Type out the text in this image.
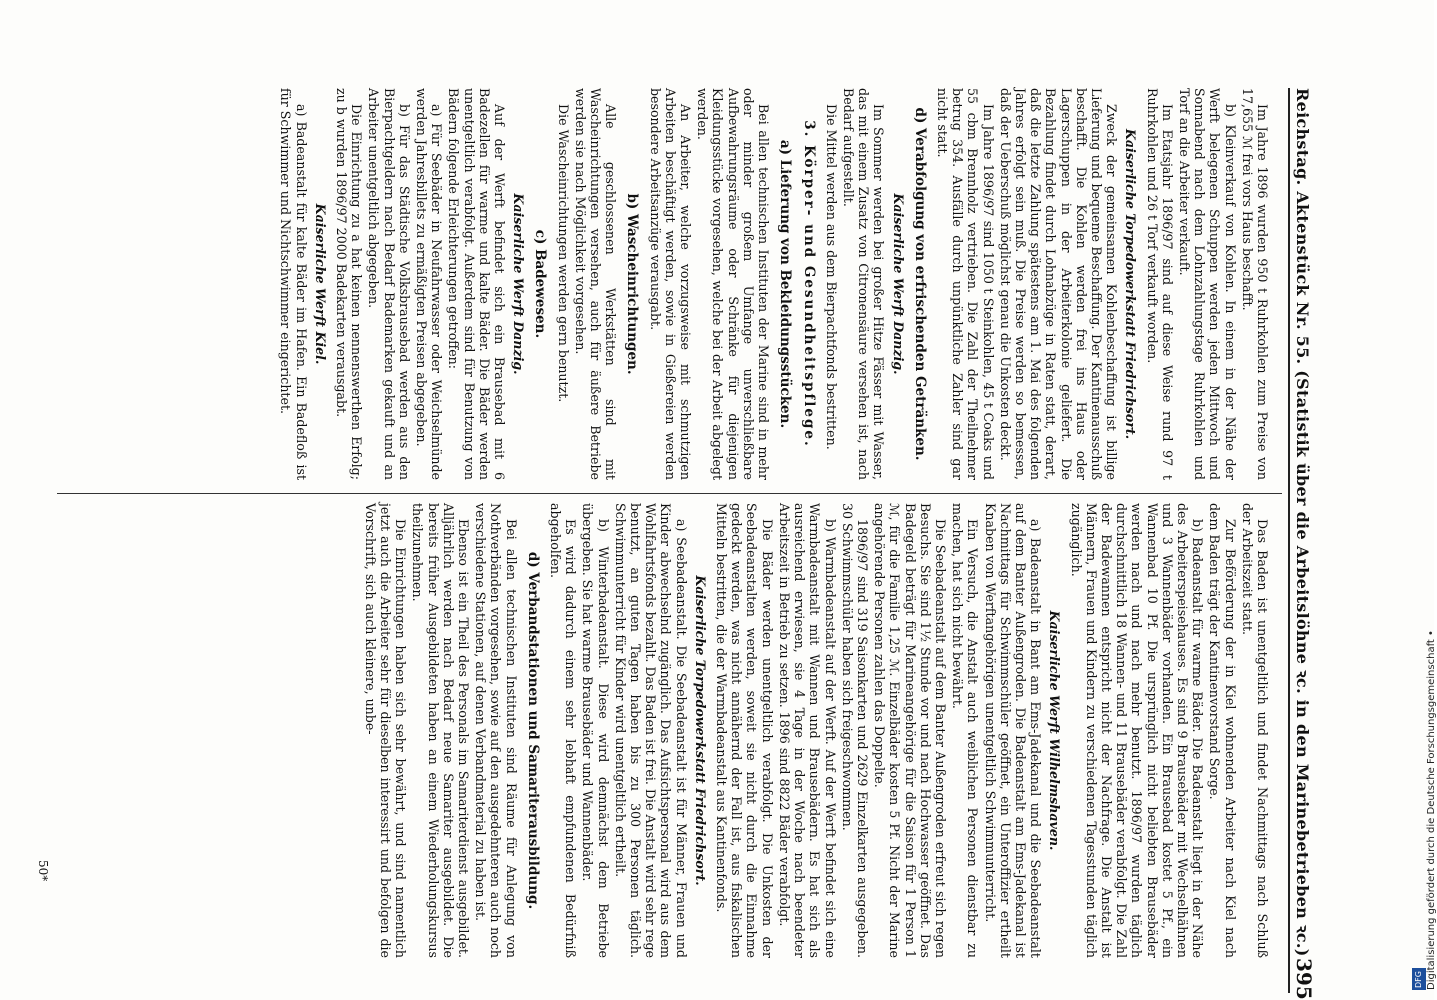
Reichstag. Aktenstück Nr. 55. (Statistik über die Arbeitslöhne ꝛc. in den Marinebetrieben ꝛc.)
395

Im Jahre 1896 wurden 950 t Ruhrkohlen zum Preise von 17,655 ℳ frei vors Haus beschafft.

b) Kleinverkauf von Kohlen. In einem in der Nähe der Werft belegenen Schuppen werden jeden Mittwoch und Sonnabend nach dem Lohnzahlungstage Ruhrkohlen und Torf an die Arbeiter verkauft.

Im Etatsjahr 1896/97 sind auf diese Weise rund 97 t Ruhrkohlen und 26 t Torf verkauft worden.

Kaiserliche Torpedowerkstatt Friedrichsort.

Zweck der gemeinsamen Kohlenbeschaffung ist billige Lieferung und bequeme Beschaffung. Der Kantinenausschuß beschafft. Die Kohlen werden frei ins Haus oder Lagerschuppen in der Arbeiterkolonie geliefert. Die Bezahlung findet durch Lohnabzüge in Raten statt, derart, daß die letzte Zahlung spätestens am 1. Mai des folgenden Jahres erfolgt sein muß. Die Preise werden so bemessen, daß der Ueberschuß möglichst genau die Unkosten deckt.

Im Jahre 1896/97 sind 1050 t Steinkohlen, 45 t Coaks und 55 cbm Brennholz vertrieben. Die Zahl der Theilnehmer betrug 354. Ausfälle durch unpünktliche Zahler sind gar nicht statt.

d) Verabfolgung von erfrischenden Getränken.
Kaiserliche Werft Danzig.

Im Sommer werden bei großer Hitze Fässer mit Wasser, das mit einem Zusatz von Citronensäure versehen ist, nach Bedarf aufgestellt.

Die Mittel werden aus dem Bierpachtfonds bestritten.

3. Körper- und Gesundheitspflege.
a) Lieferung von Bekleidungsstücken.

Bei allen technischen Instituten der Marine sind in mehr oder minder großem Umfange unverschließbare Aufbewahrungsräume oder Schränke für diejenigen Kleidungsstücke vorgesehen, welche bei der Arbeit abgelegt werden.

An Arbeiter, welche vorzugsweise mit schmutzigen Arbeiten beschäftigt werden, sowie in Gießereien werden besondere Arbeitsanzüge verausgabt.

b) Wascheinrichtungen.

Alle geschlossenen Werkstätten sind mit Wascheinrichtungen versehen, auch für äußere Betriebe werden sie nach Möglichkeit vorgesehen.

Die Wascheinrichtungen werden gern benutzt.

c) Badewesen.
Kaiserliche Werft Danzig.

Auf der Werft befindet sich ein Brausebad mit 6 Badezellen für warme und kalte Bäder. Die Bäder werden unentgeltlich verabfolgt. Außerdem sind für Benutzung von Bädern folgende Erleichterungen getroffen:

a) Für Seebäder in Neufahrwasser oder Weichselmünde werden Jahresbillets zu ermäßigten Preisen abgegeben.

b) Für das Städtische Volksbrausebad werden aus den Bierpachtgeldern nach Bedarf Bademarken gekauft und an Arbeiter unentgeltlich abgegeben.

Die Einrichtung zu a hat keinen nennenswerthen Erfolg; zu b wurden 1896/97 2000 Badekarten verausgabt.

Kaiserliche Werft Kiel.

a) Badeanstalt für kalte Bäder im Hafen. Ein Badefloß ist für Schwimmer und Nichtschwimmer eingerichtet.

Das Baden ist unentgeltlich und findet Nachmittags nach Schluß der Arbeitszeit statt.

Zur Beförderung der in Kiel wohnenden Arbeiter nach Kiel nach dem Baden trägt der Kantinenvorstand Sorge.

b) Badeanstalt für warme Bäder. Die Badeanstalt liegt in der Nähe des Arbeiterspeisehauses. Es sind 9 Brausebäder mit Wechselhähnen und 3 Wannenbäder vorhanden. Ein Brausebad kostet 5 Pf., ein Wannenbad 10 Pf. Die ursprünglich nicht beliebten Brausebäder werden nach und nach mehr benutzt. 1896/97 wurden täglich durchschnittlich 18 Wannen- und 11 Brausebäder verabfolgt. Die Zahl der Badewannen entspricht nicht der Nachfrage. Die Anstalt ist Männern, Frauen und Kindern zu verschiedenen Tagesstunden täglich zugänglich.

Kaiserliche Werft Wilhelmshaven.

a) Badeanstalt in Bant am Ems-Jadekanal und die Seebadeanstalt auf dem Banter Außengroden. Die Badeanstalt am Ems-Jadekanal ist Nachmittags für Schwimmschüler geöffnet, ein Unteroffizier ertheilt Knaben von Werftangehörigen unentgeltlich Schwimmunterricht.

Ein Versuch, die Anstalt auch weiblichen Personen dienstbar zu machen, hat sich nicht bewährt.

Die Seebadeanstalt auf dem Banter Außengroden erfreut sich regen Besuchs. Sie sind 1½ Stunde vor und nach Hochwasser geöffnet. Das Badegeld beträgt für Marineangehörige für die Saison für 1 Person 1 ℳ, für die Familie 1,25 ℳ. Einzelbäder kosten 5 Pf. Nicht der Marine angehörende Personen zahlen das Doppelte.

1896/97 sind 319 Saisonkarten und 2629 Einzelkarten ausgegeben. 30 Schwimmschüler haben sich freigeschwommen.

b) Warmbadeanstalt auf der Werft. Auf der Werft befindet sich eine Warmbadeanstalt mit Wannen und Brausebädern. Es hat sich als ausreichend erwiesen, sie 4 Tage in der Woche nach beendeter Arbeitszeit in Betrieb zu setzen. 1896 sind 8822 Bäder verabfolgt.

Die Bäder werden unentgeltlich verabfolgt. Die Unkosten der Seebadeanstalten werden, soweit sie nicht durch die Einnahme gedeckt werden, was nicht annähernd der Fall ist, aus fiskalischen Mitteln bestritten, die der Warmbadeanstalt aus Kantinenfonds.

Kaiserliche Torpedowerkstatt Friedrichsort.

a) Seebadeanstalt. Die Seebadeanstalt ist für Männer, Frauen und Kinder abwechselnd zugänglich. Das Aufsichtspersonal wird aus dem Wohlfahrtsfonds bezahlt. Das Baden ist frei. Die Anstalt wird sehr rege benutzt, an guten Tagen haben bis zu 300 Personen täglich. Schwimmunterricht für Kinder wird unentgeltlich ertheilt.

b) Winterbadeanstalt. Diese wird demnächst dem Betriebe übergeben. Sie hat warme Brausebäder und Wannenbäder.

Es wird dadurch einem sehr lebhaft empfundenen Bedürfniß abgeholfen.

d) Verbandstationen und Samariterausbildung.

Bei allen technischen Instituten sind Räume für Anlegung von Nothverbänden vorgesehen, sowie auf den ausgedehnteren auch noch verschiedene Stationen, auf denen Verbandmaterial zu haben ist.

Ebenso ist ein Theil des Personals im Samariterdienst ausgebildet. Alljährlich werden nach Bedarf neue Samariter ausgebildet. Die bereits früher Ausgebildeten haben an einem Wiederholungskursus theilzunehmen.

Die Einrichtungen haben sich sehr bewährt, und sind namentlich jetzt auch die Arbeiter sehr für dieselben interessirt und befolgen die Vorschrift, sich auch kleinere, unbe-

50*	Digitalisierung gefördert durch die Deutsche Forschungsgemeinschaft •
DFG
